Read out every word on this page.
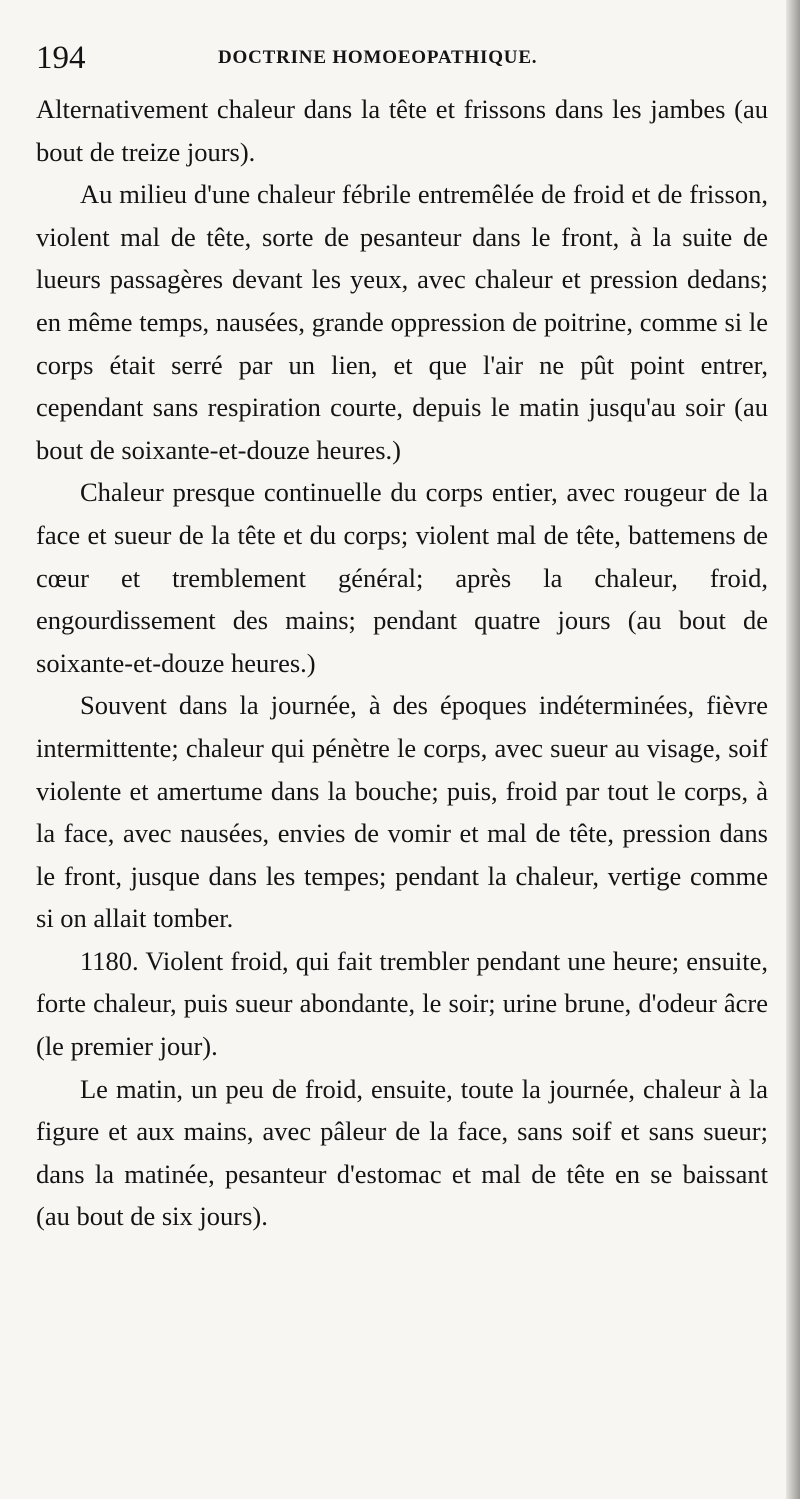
194	DOCTRINE HOMOEOPATHIQUE.

Alternativement chaleur dans la tête et frissons dans les jambes (au bout de treize jours).

Au milieu d'une chaleur fébrile entremêlée de froid et de frisson, violent mal de tête, sorte de pesanteur dans le front, à la suite de lueurs passagères devant les yeux, avec chaleur et pression dedans; en même temps, nausées, grande oppression de poitrine, comme si le corps était serré par un lien, et que l'air ne pût point entrer, cependant sans respiration courte, depuis le matin jusqu'au soir (au bout de soixante-et-douze heures.)

Chaleur presque continuelle du corps entier, avec rougeur de la face et sueur de la tête et du corps; violent mal de tête, battemens de cœur et tremblement général; après la chaleur, froid, engourdissement des mains; pendant quatre jours (au bout de soixante-et-douze heures.)

Souvent dans la journée, à des époques indéterminées, fièvre intermittente; chaleur qui pénètre le corps, avec sueur au visage, soif violente et amertume dans la bouche; puis, froid par tout le corps, à la face, avec nausées, envies de vomir et mal de tête, pression dans le front, jusque dans les tempes; pendant la chaleur, vertige comme si on allait tomber.

1180. Violent froid, qui fait trembler pendant une heure; ensuite, forte chaleur, puis sueur abondante, le soir; urine brune, d'odeur âcre (le premier jour).

Le matin, un peu de froid, ensuite, toute la journée, chaleur à la figure et aux mains, avec pâleur de la face, sans soif et sans sueur; dans la matinée, pesanteur d'estomac et mal de tête en se baissant (au bout de six jours).
